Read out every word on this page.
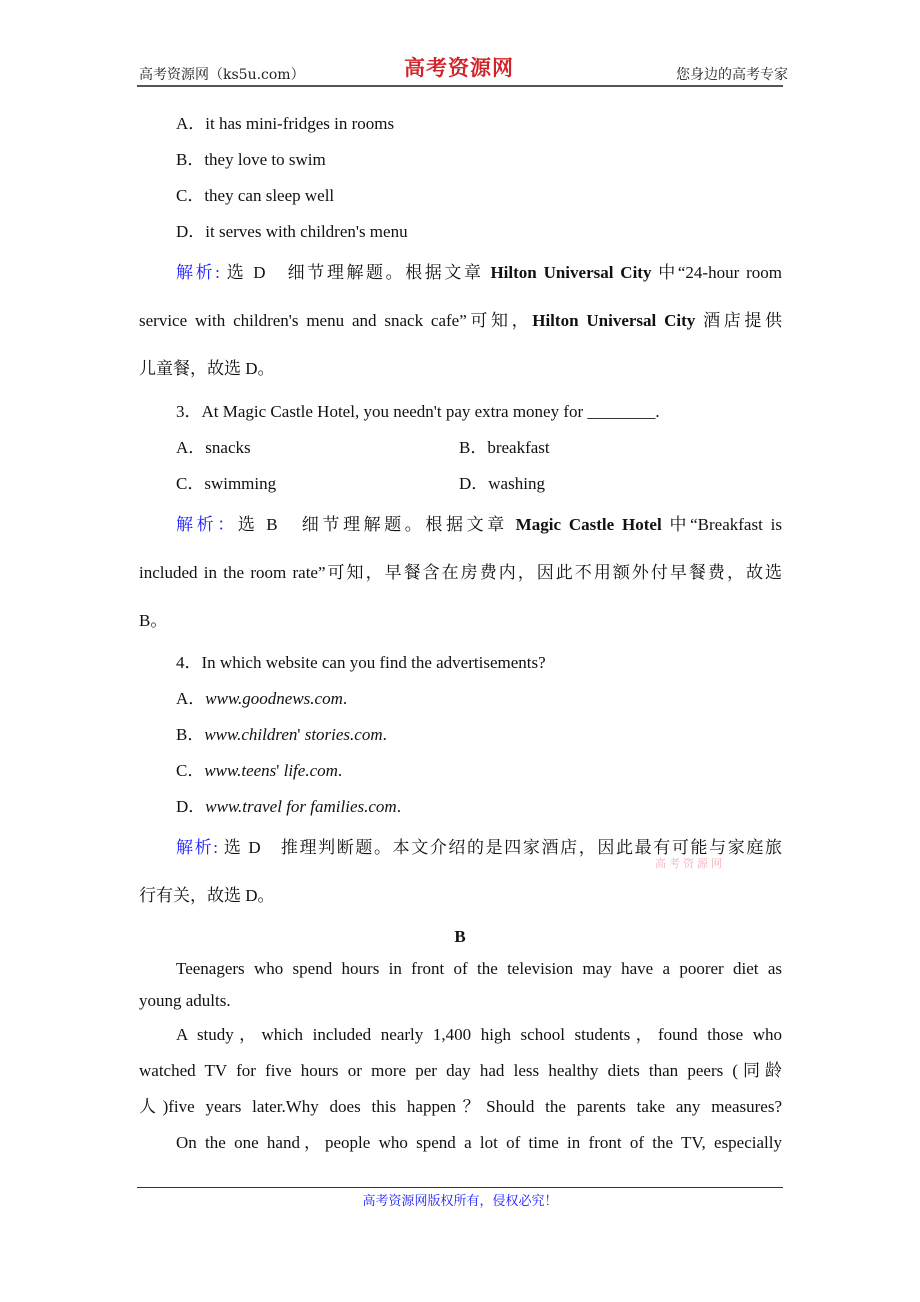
高考资源网（ks5u.com）	高考资源网	您身边的高考专家
A．it has mini-fridges in rooms
B．they love to swim
C．they can sleep well
D．it serves with children's menu
解析: 选 D　细节理解题。根据文章 Hilton Universal City 中“24-hour room
service with children's menu and snack cafe”可知，Hilton Universal City 酒店提供
儿童餐，故选 D。
3．At Magic Castle Hotel, you needn't pay extra money for ________.
A．snacks	B．breakfast
C．swimming	D．washing
解析：选 B　细节理解题。根据文章 Magic Castle Hotel 中“Breakfast is
included in the room rate”可知，早餐含在房费内，因此不用额外付早餐费，故选
B。
4．In which website can you find the advertisements?
A．www.goodnews.com.
B．www.children' stories.com.
C．www.teens' life.com.
D．www.travel for families.com.
解析: 选 D　推理判断题。本文介绍的是四家酒店，因此最有可能与家庭旅
行有关，故选 D。
B
Teenagers who spend hours in front of the television may have a poorer diet as
young adults.
A study，which included nearly 1,400 high school students，found those who
watched TV for five hours or more per day had less healthy diets than peers (同龄
人)five years later.Why does this happen？Should the parents take any measures?
On the one hand，people who spend a lot of time in front of the TV, especially
高考资源网
高考资源网版权所有，侵权必究！
